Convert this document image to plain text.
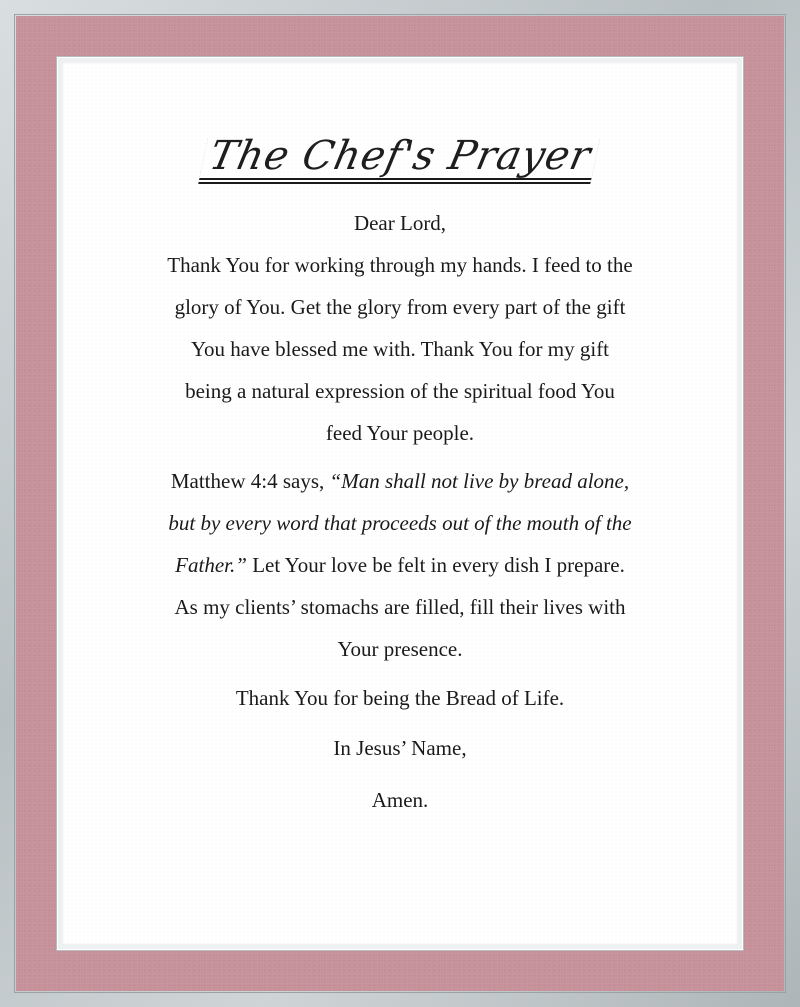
The Chef's Prayer

Dear Lord,

Thank You for working through my hands. I feed to the
glory of You. Get the glory from every part of the gift
You have blessed me with. Thank You for my gift
being a natural expression of the spiritual food You
feed Your people.

Matthew 4:4 says, “Man shall not live by bread alone,
but by every word that proceeds out of the mouth of the
Father.” Let Your love be felt in every dish I prepare.
As my clients’ stomachs are filled, fill their lives with
Your presence.

Thank You for being the Bread of Life.

In Jesus’ Name,

Amen.
